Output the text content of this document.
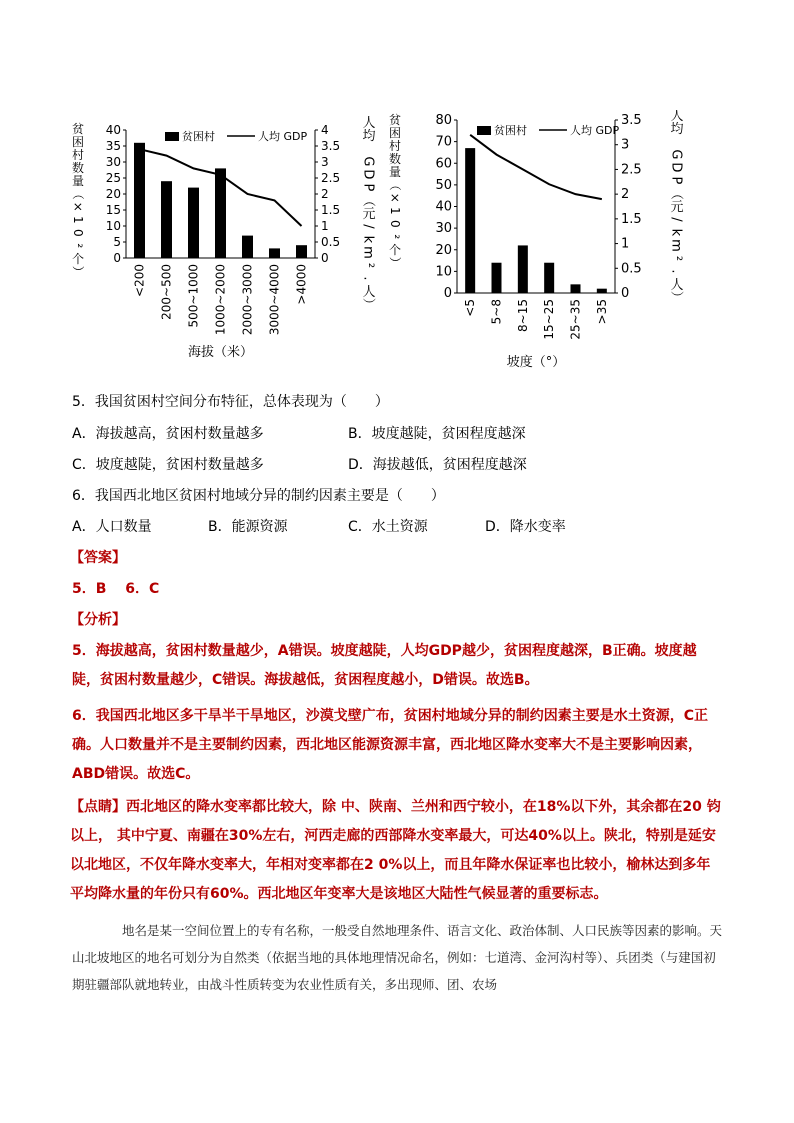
0
5
10
15
20
25
30
35
40
0
0.5
1
1.5
2
2.5
3
3.5
4
<200 200~500 500~1000 1000~2000 2000~3000 3000~4000 >4000
贫困村	人均 GDP
贫
困
村
数
量
（
×
1
0
²
个
）
人
均
G
D
P
（
元
/
k
m
²
.
人
）
海拔（米）
0
10
20
30
40
50
60
70
80
0
0.5
1
1.5
2
2.5
3
3.5
<5 5~8 8~15 15~25 25~35 >35
贫困村	人均 GDP
贫
困
村
数
量
（
×
1
0
²
个
）
人
均
G
D
P
（
元
/
k
m
²
.
人
）
坡度（°）
5．我国贫困村空间分布特征，总体表现为（　　）
A．海拔越高，贫困村数量越多	B．坡度越陡，贫困程度越深
C．坡度越陡，贫困村数量越多	D．海拔越低，贫困程度越深
6．我国西北地区贫困村地域分异的制约因素主要是（　　）
A．人口数量	B．能源资源	C．水土资源	D．降水变率
【答案】
5．B　 6．C
【分析】
5．海拔越高，贫困村数量越少，A错误。坡度越陡，人均GDP越少，贫困程度越深，B正确。坡度越陡，贫困村数量越少，C错误。海拔越低，贫困程度越小，D错误。故选B。
6．我国西北地区多干旱半干旱地区，沙漠戈壁广布，贫困村地域分异的制约因素主要是水土资源，C正确。人口数量并不是主要制约因素，西北地区能源资源丰富，西北地区降水变率大不是主要影响因素，ABD错误。故选C。
【点睛】西北地区的降水变率都比较大，除 中、陕南、兰州和西宁较小，在18%以下外，其余都在20 钧以上， 其中宁夏、南疆在30%左右，河西走廊的西部降水变率最大，可达40%以上。陕北，特别是延安以北地区，不仅年降水变率大，年相对变率都在2 0%以上，而且年降水保证率也比较小，榆林达到多年平均降水量的年份只有60%。西北地区年变率大是该地区大陆性气候显著的重要标志。
地名是某一空间位置上的专有名称，一般受自然地理条件、语言文化、政治体制、人口民族等因素的影响。天山北坡地区的地名可划分为自然类（依据当地的具体地理情况命名，例如：七道湾、金河沟村等）、兵团类（与建国初期驻疆部队就地转业，由战斗性质转变为农业性质有关，多出现师、团、农场
